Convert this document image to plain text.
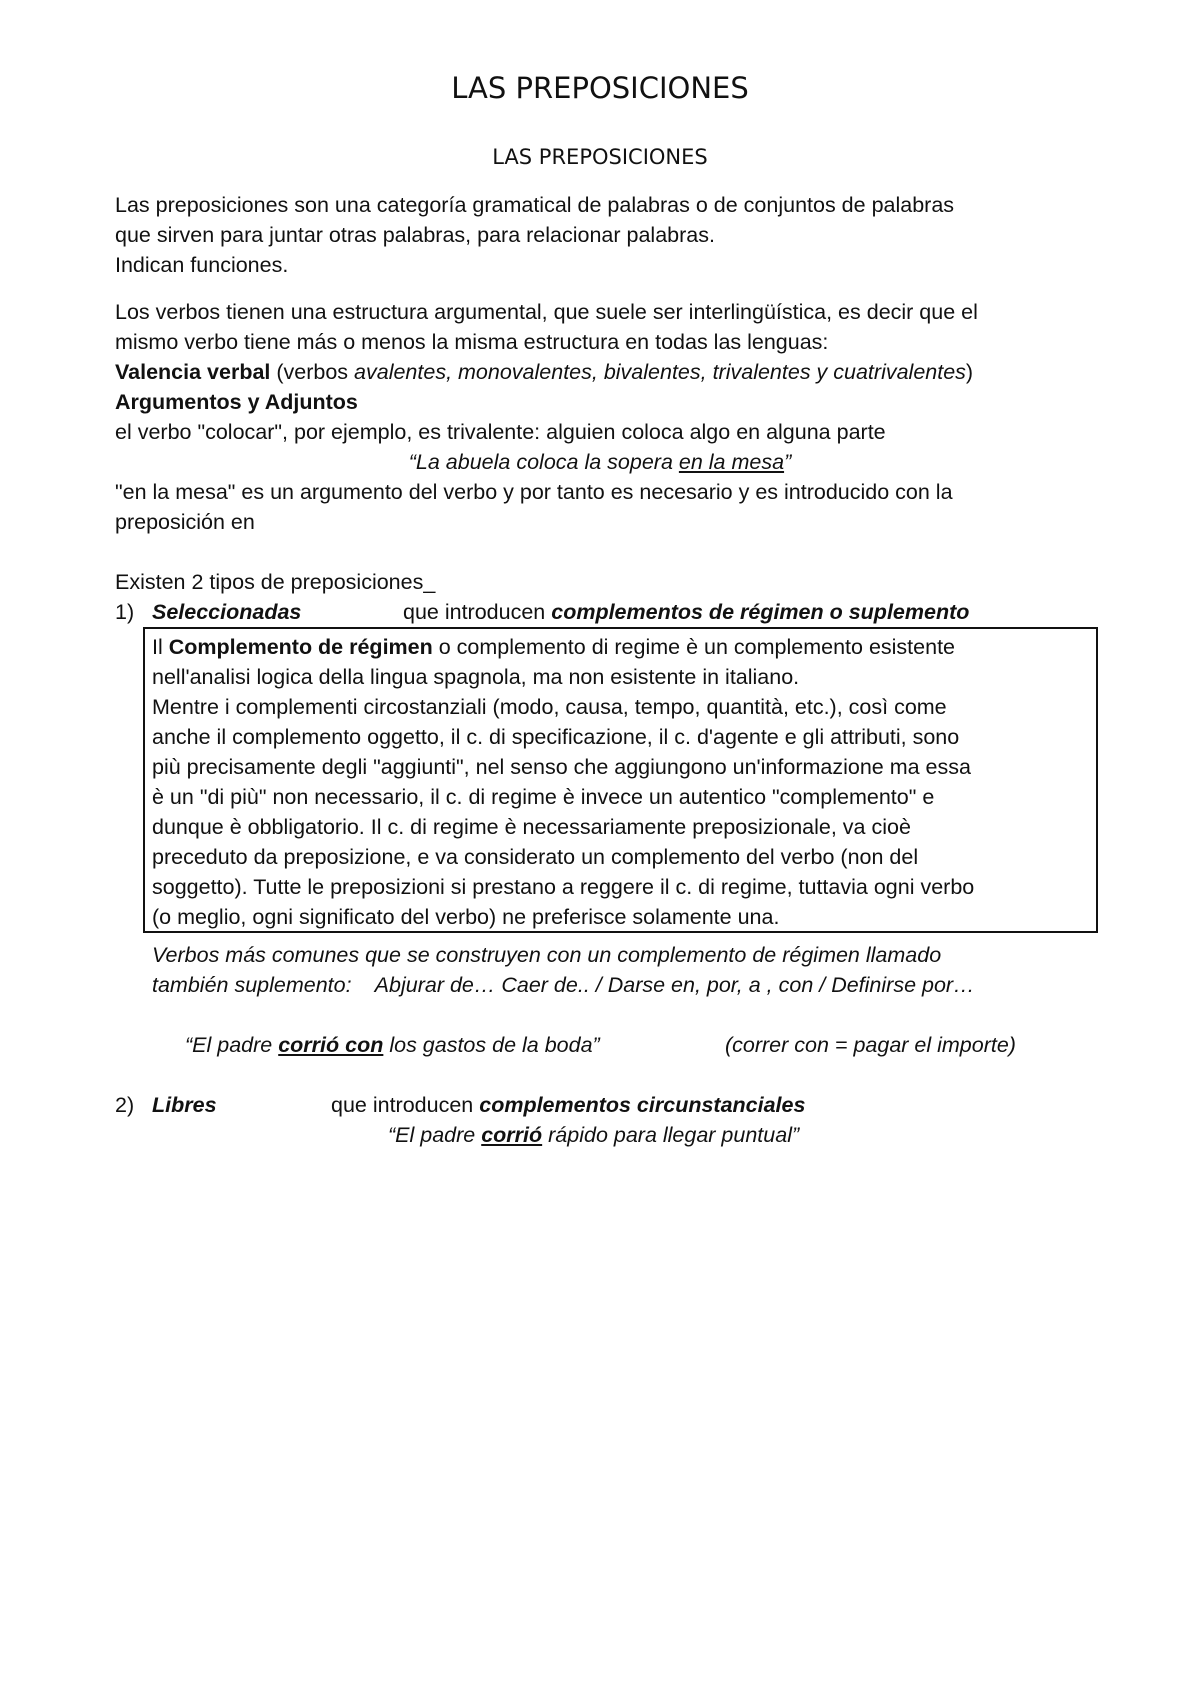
LAS PREPOSICIONES
LAS PREPOSICIONES
Las preposiciones son una categoría gramatical de palabras o de conjuntos de palabras
que sirven para juntar otras palabras, para relacionar palabras.
Indican funciones.
Los verbos tienen una estructura argumental, que suele ser interlingüística, es decir que el
mismo verbo tiene más o menos la misma estructura en todas las lenguas:
Valencia verbal (verbos avalentes, monovalentes, bivalentes, trivalentes y cuatrivalentes)
Argumentos y Adjuntos
el verbo "colocar", por ejemplo, es trivalente: alguien coloca algo en alguna parte
“La abuela coloca la sopera en la mesa”
"en la mesa" es un argumento del verbo y por tanto es necesario y es introducido con la
preposición en
Existen 2 tipos de preposiciones_
1) Seleccionadas	que introducen complementos de régimen o suplemento
Il Complemento de régimen o complemento di regime è un complemento esistente
nell'analisi logica della lingua spagnola, ma non esistente in italiano.
Mentre i complementi circostanziali (modo, causa, tempo, quantità, etc.), così come
anche il complemento oggetto, il c. di specificazione, il c. d'agente e gli attributi, sono
più precisamente degli "aggiunti", nel senso che aggiungono un'informazione ma essa
è un "di più" non necessario, il c. di regime è invece un autentico "complemento" e
dunque è obbligatorio. Il c. di regime è necessariamente preposizionale, va cioè
preceduto da preposizione, e va considerato un complemento del verbo (non del
soggetto). Tutte le preposizioni si prestano a reggere il c. di regime, tuttavia ogni verbo
(o meglio, ogni significato del verbo) ne preferisce solamente una.
Verbos más comunes que se construyen con un complemento de régimen llamado
también suplemento:    Abjurar de… Caer de.. / Darse en, por, a , con / Definirse por…
“El padre corrió con los gastos de la boda”	(correr con = pagar el importe)
2) Libres	que introducen complementos circunstanciales
“El padre corrió rápido para llegar puntual”
